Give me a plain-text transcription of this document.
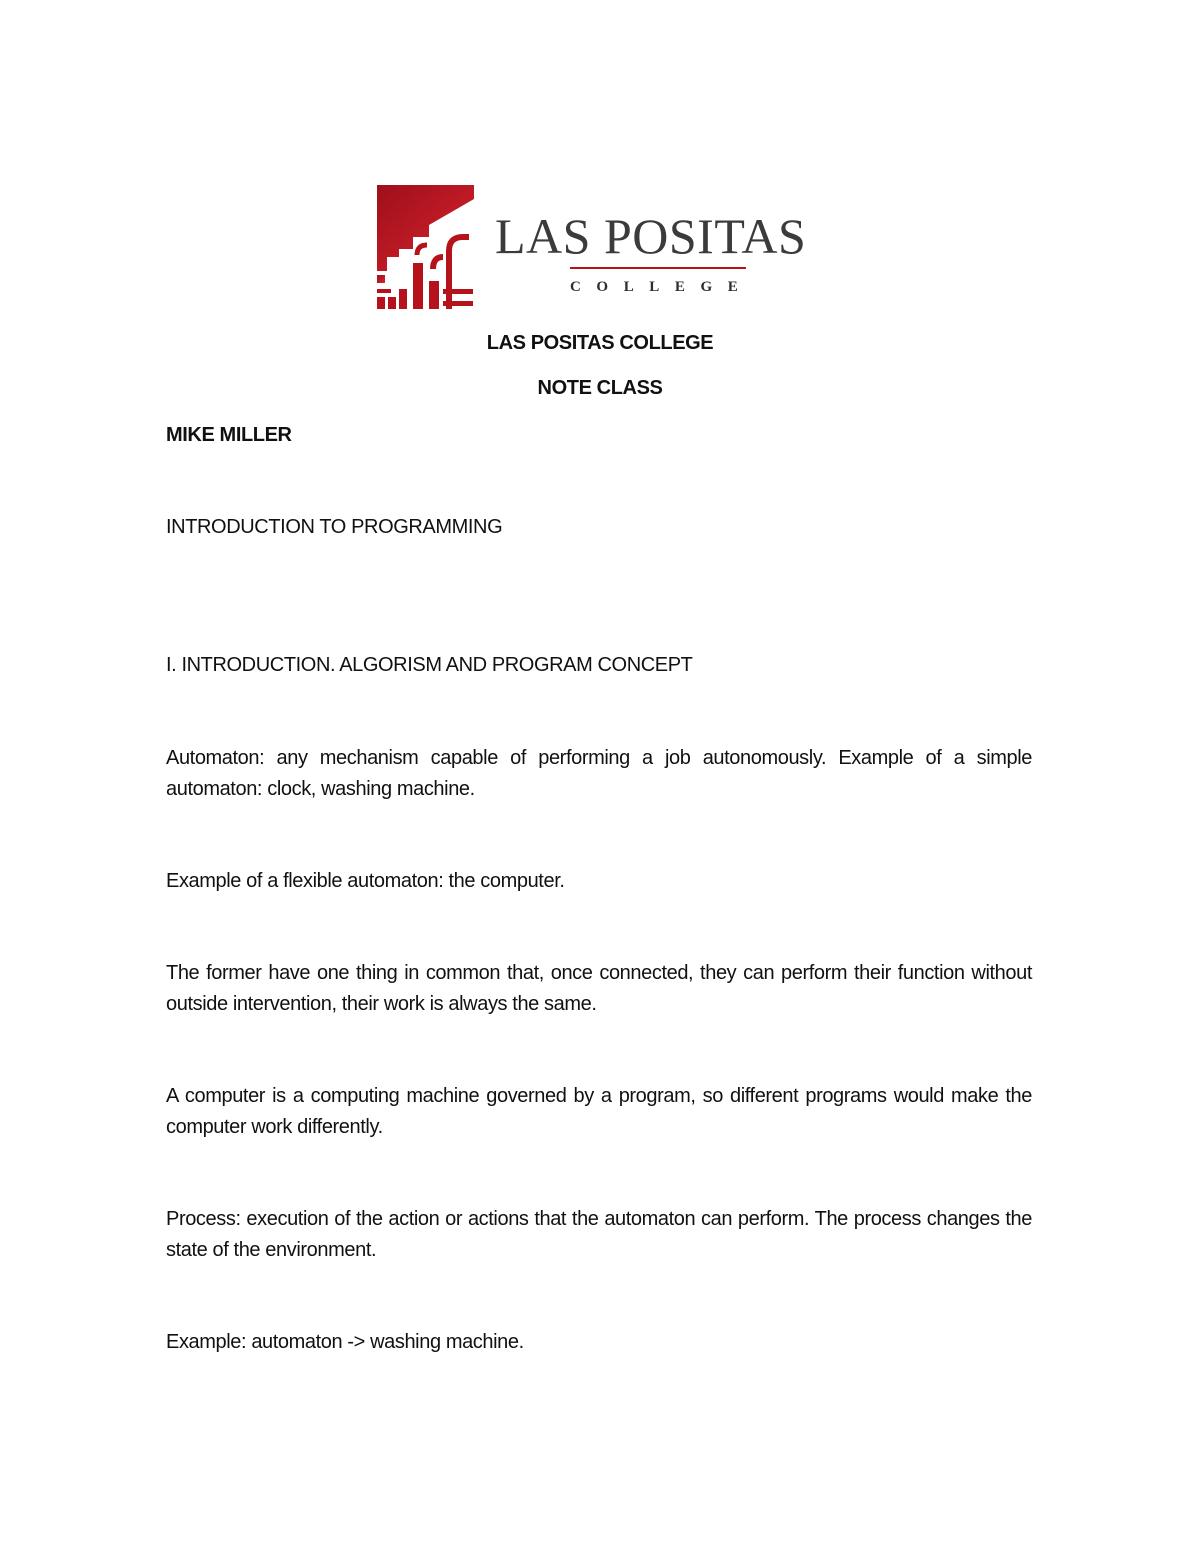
LAS POSITAS
COLLEGE
LAS POSITAS COLLEGE
NOTE CLASS
MIKE MILLER
INTRODUCTION TO PROGRAMMING
I. INTRODUCTION. ALGORISM AND PROGRAM CONCEPT
Automaton: any mechanism capable of performing a job autonomously. Example of a simple
automaton: clock, washing machine.
Example of a flexible automaton: the computer.
The former have one thing in common that, once connected, they can perform their function without
outside intervention, their work is always the same.
A computer is a computing machine governed by a program, so different programs would make the
computer work differently.
Process: execution of the action or actions that the automaton can perform. The process changes the
state of the environment.
Example: automaton -> washing machine.
